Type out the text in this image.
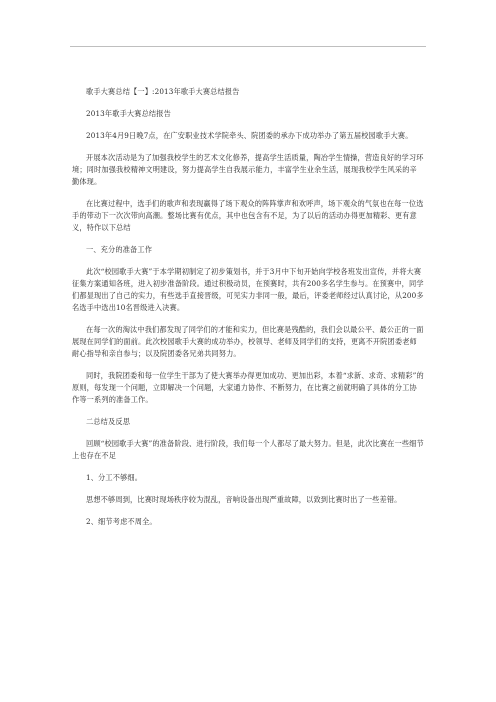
歌手大赛总结【一】:2013年歌手大赛总结报告

2013年歌手大赛总结报告

2013年4月9日晚7点，在广安职业技术学院牵头、院团委的承办下成功举办了第五届校园歌手大赛。

开展本次活动是为了加强我校学生的艺术文化修养，提高学生活质量，陶冶学生情操，营造良好的学习环境；同时加强我校精神文明建设，努力提高学生自我展示能力，丰富学生业余生活，展现我校学生风采的辛勤体现。

在比赛过程中，选手们的歌声和表现赢得了场下观众的阵阵掌声和欢呼声，场下观众的气氛也在每一位选手的带动下一次次带向高潮。整场比赛有优点，其中也包含有不足，为了以后的活动办得更加精彩、更有意义，特作以下总结

一、充分的准备工作

此次“校园歌手大赛”于本学期初制定了初步策划书，并于3月中下旬开始向学校各班发出宣传，并将大赛征集方案通知各班，进入初步准备阶段。通过积极动员，在预赛时，共有200多名学生参与。在预赛中，同学们都显现出了自己的实力，有些选手直接晋级，可见实力非同一般，最后，评委老师经过认真讨论，从200多名选手中选出10名晋级进入决赛。

在每一次的淘汰中我们都发现了同学们的才能和实力，但比赛是残酷的，我们会以最公平、最公正的一面展现在同学们的面前。此次校园歌手大赛的成功举办，校领导、老师及同学们的支持，更离不开院团委老师耐心指导和亲自参与；以及院团委各兄弟共同努力。

同时，我院团委和每一位学生干部为了使大赛举办得更加成功、更加出彩，本着“求新、求奇、求精彩”的原则，每发现一个问题，立即解决一个问题，大家通力协作、不断努力，在比赛之前就明确了具体的分工协作等一系列的准备工作。

二总结及反思

回顾“校园歌手大赛”的准备阶段、进行阶段，我们每一个人都尽了最大努力。但是，此次比赛在一些细节上也存在不足

1、分工不够细。

思想不够周到，比赛时现场秩序较为混乱，音响设备出现严重故障，以致到比赛时出了一些差错。

2、细节考虑不周全。
